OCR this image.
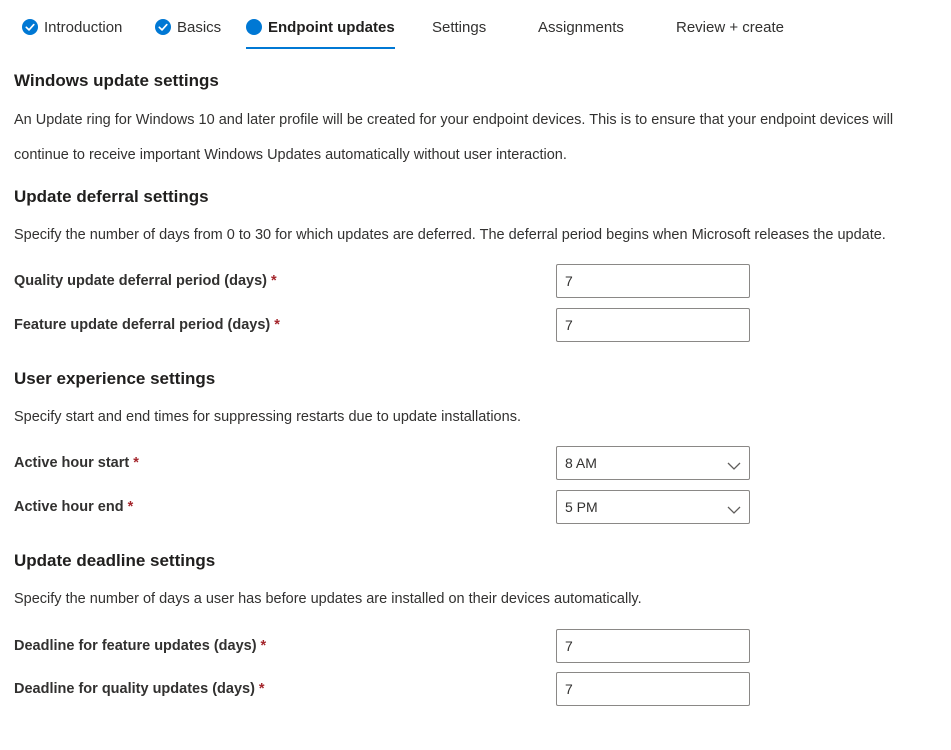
Introduction	Basics	Endpoint updates Settings	Assignments	Review + create
Windows update settings

An Update ring for Windows 10 and later profile will be created for your endpoint devices. This is to ensure that your endpoint devices will continue to receive important Windows Updates automatically without user interaction.

Update deferral settings

Specify the number of days from 0 to 30 for which updates are deferred. The deferral period begins when Microsoft releases the update.

Quality update deferral period (days) *
7
Feature update deferral period (days) *
7
User experience settings

Specify start and end times for suppressing restarts due to update installations.

Active hour start *	8 AM
Active hour end *	5 PM
Update deadline settings

Specify the number of days a user has before updates are installed on their devices automatically.

Deadline for feature updates (days) *
7
Deadline for quality updates (days) *
7
